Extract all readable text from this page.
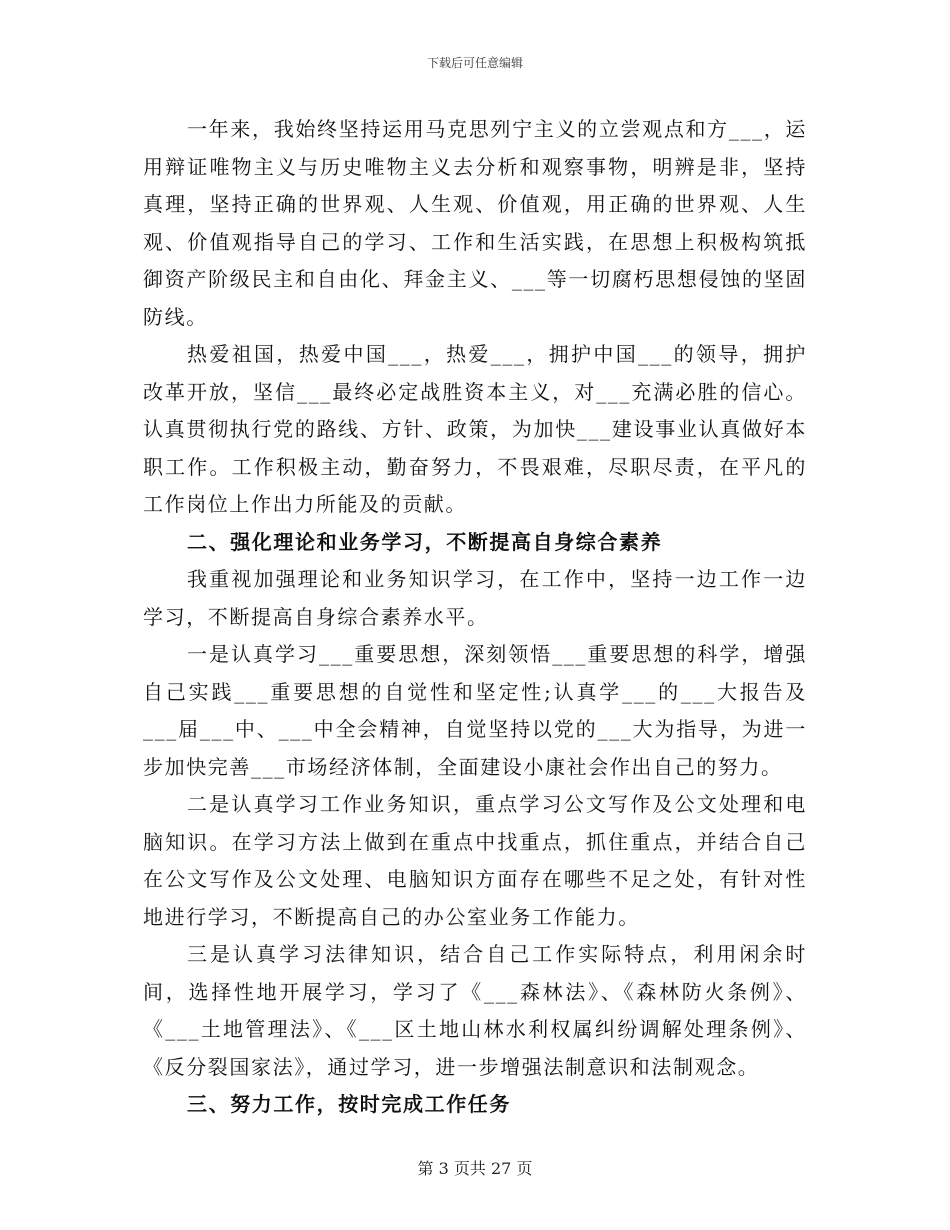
下载后可任意编辑

一年来，我始终坚持运用马克思列宁主义的立尝观点和方___，运用辩证唯物主义与历史唯物主义去分析和观察事物，明辨是非，坚持真理，坚持正确的世界观、人生观、价值观，用正确的世界观、人生观、价值观指导自己的学习、工作和生活实践，在思想上积极构筑抵御资产阶级民主和自由化、拜金主义、___等一切腐朽思想侵蚀的坚固防线。

热爱祖国，热爱中国___，热爱___，拥护中国___的领导，拥护改革开放，坚信___最终必定战胜资本主义，对___充满必胜的信心。认真贯彻执行党的路线、方针、政策，为加快___建设事业认真做好本职工作。工作积极主动，勤奋努力，不畏艰难，尽职尽责，在平凡的工作岗位上作出力所能及的贡献。

二、强化理论和业务学习，不断提高自身综合素养

我重视加强理论和业务知识学习，在工作中，坚持一边工作一边学习，不断提高自身综合素养水平。

一是认真学习___重要思想，深刻领悟___重要思想的科学，增强自己实践___重要思想的自觉性和坚定性;认真学___的___大报告及___届___中、___中全会精神，自觉坚持以党的___大为指导，为进一步加快完善___市场经济体制，全面建设小康社会作出自己的努力。

二是认真学习工作业务知识，重点学习公文写作及公文处理和电脑知识。在学习方法上做到在重点中找重点，抓住重点，并结合自己在公文写作及公文处理、电脑知识方面存在哪些不足之处，有针对性地进行学习，不断提高自己的办公室业务工作能力。

三是认真学习法律知识，结合自己工作实际特点，利用闲余时间，选择性地开展学习，学习了《___森林法》、《森林防火条例》、《___土地管理法》、《___区土地山林水利权属纠纷调解处理条例》、《反分裂国家法》，通过学习，进一步增强法制意识和法制观念。

三、努力工作，按时完成工作任务

第 3 页共 27 页
